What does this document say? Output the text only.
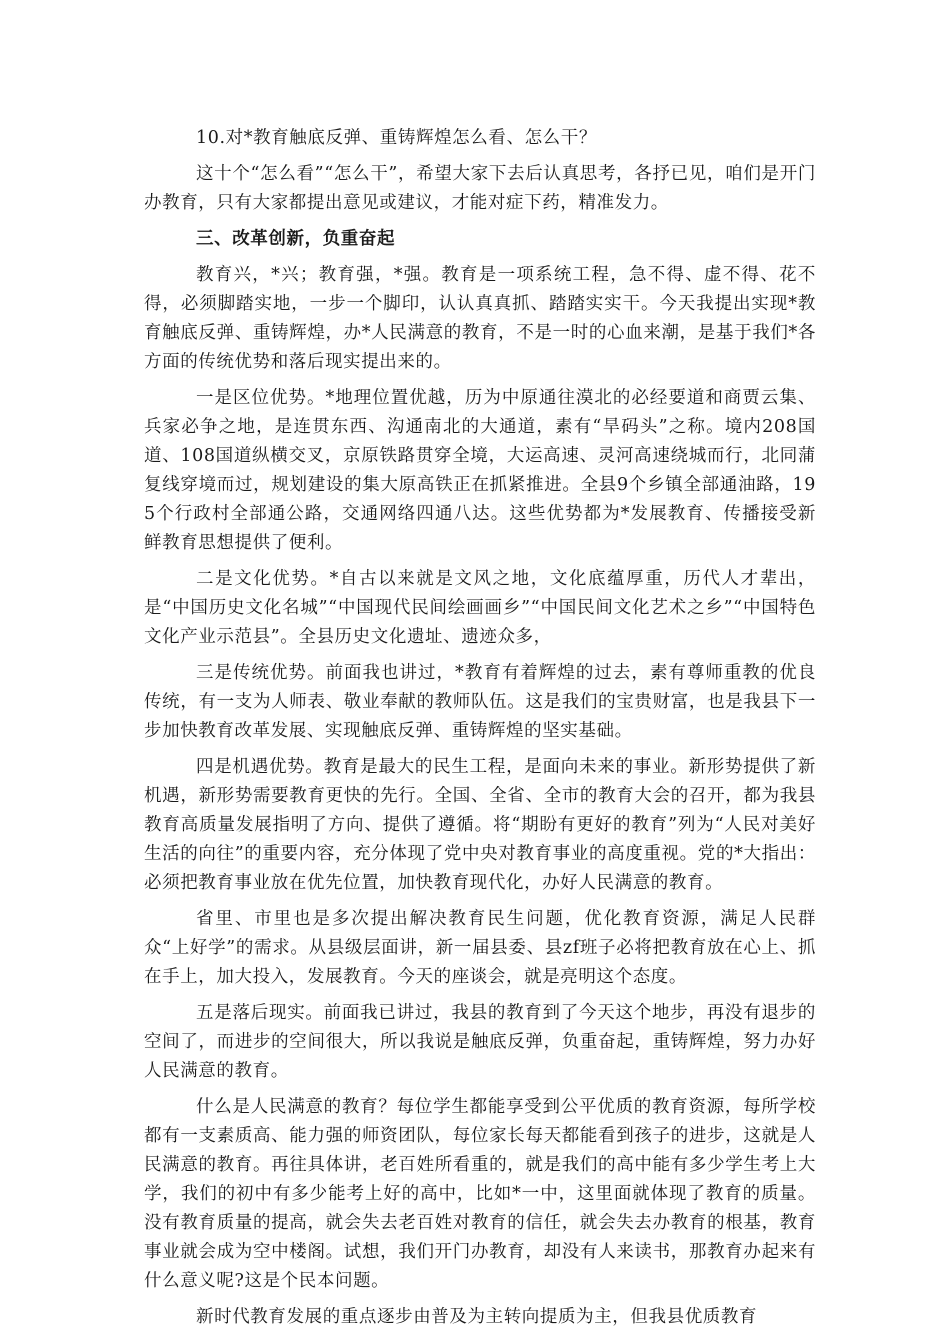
10.对*教育触底反弹、重铸辉煌怎么看、怎么干？

这十个“怎么看”“怎么干”，希望大家下去后认真思考，各抒已见，咱们是开门办教育，只有大家都提出意见或建议，才能对症下药，精准发力。

三、改革创新，负重奋起

教育兴，*兴；教育强，*强。教育是一项系统工程，急不得、虚不得、花不得，必须脚踏实地，一步一个脚印，认认真真抓、踏踏实实干。今天我提出实现*教育触底反弹、重铸辉煌，办*人民满意的教育，不是一时的心血来潮，是基于我们*各方面的传统优势和落后现实提出来的。

一是区位优势。*地理位置优越，历为中原通往漠北的必经要道和商贾云集、兵家必争之地，是连贯东西、沟通南北的大通道，素有“旱码头”之称。境内208国道、108国道纵横交叉，京原铁路贯穿全境，大运高速、灵河高速绕城而行，北同蒲复线穿境而过，规划建设的集大原高铁正在抓紧推进。全县9个乡镇全部通油路，195个行政村全部通公路，交通网络四通八达。这些优势都为*发展教育、传播接受新鲜教育思想提供了便利。

二是文化优势。*自古以来就是文风之地，文化底蕴厚重，历代人才辈出，是“中国历史文化名城”“中国现代民间绘画画乡”“中国民间文化艺术之乡”“中国特色文化产业示范县”。全县历史文化遗址、遗迹众多，

三是传统优势。前面我也讲过，*教育有着辉煌的过去，素有尊师重教的优良传统，有一支为人师表、敬业奉献的教师队伍。这是我们的宝贵财富，也是我县下一步加快教育改革发展、实现触底反弹、重铸辉煌的坚实基础。

四是机遇优势。教育是最大的民生工程，是面向未来的事业。新形势提供了新机遇，新形势需要教育更快的先行。全国、全省、全市的教育大会的召开，都为我县教育高质量发展指明了方向、提供了遵循。将“期盼有更好的教育”列为“人民对美好生活的向往”的重要内容，充分体现了党中央对教育事业的高度重视。党的*大指出：必须把教育事业放在优先位置，加快教育现代化，办好人民满意的教育。

省里、市里也是多次提出解决教育民生问题，优化教育资源，满足人民群众“上好学”的需求。从县级层面讲，新一届县委、县zf班子必将把教育放在心上、抓在手上，加大投入，发展教育。今天的座谈会，就是亮明这个态度。

五是落后现实。前面我已讲过，我县的教育到了今天这个地步，再没有退步的空间了，而进步的空间很大，所以我说是触底反弹，负重奋起，重铸辉煌，努力办好人民满意的教育。

什么是人民满意的教育？每位学生都能享受到公平优质的教育资源，每所学校都有一支素质高、能力强的师资团队，每位家长每天都能看到孩子的进步，这就是人民满意的教育。再往具体讲，老百姓所看重的，就是我们的高中能有多少学生考上大学，我们的初中有多少能考上好的高中，比如*一中，这里面就体现了教育的质量。没有教育质量的提高，就会失去老百姓对教育的信任，就会失去办教育的根基，教育事业就会成为空中楼阁。试想，我们开门办教育，却没有人来读书，那教育办起来有什么意义呢?这是个民本问题。

新时代教育发展的重点逐步由普及为主转向提质为主，但我县优质教育
